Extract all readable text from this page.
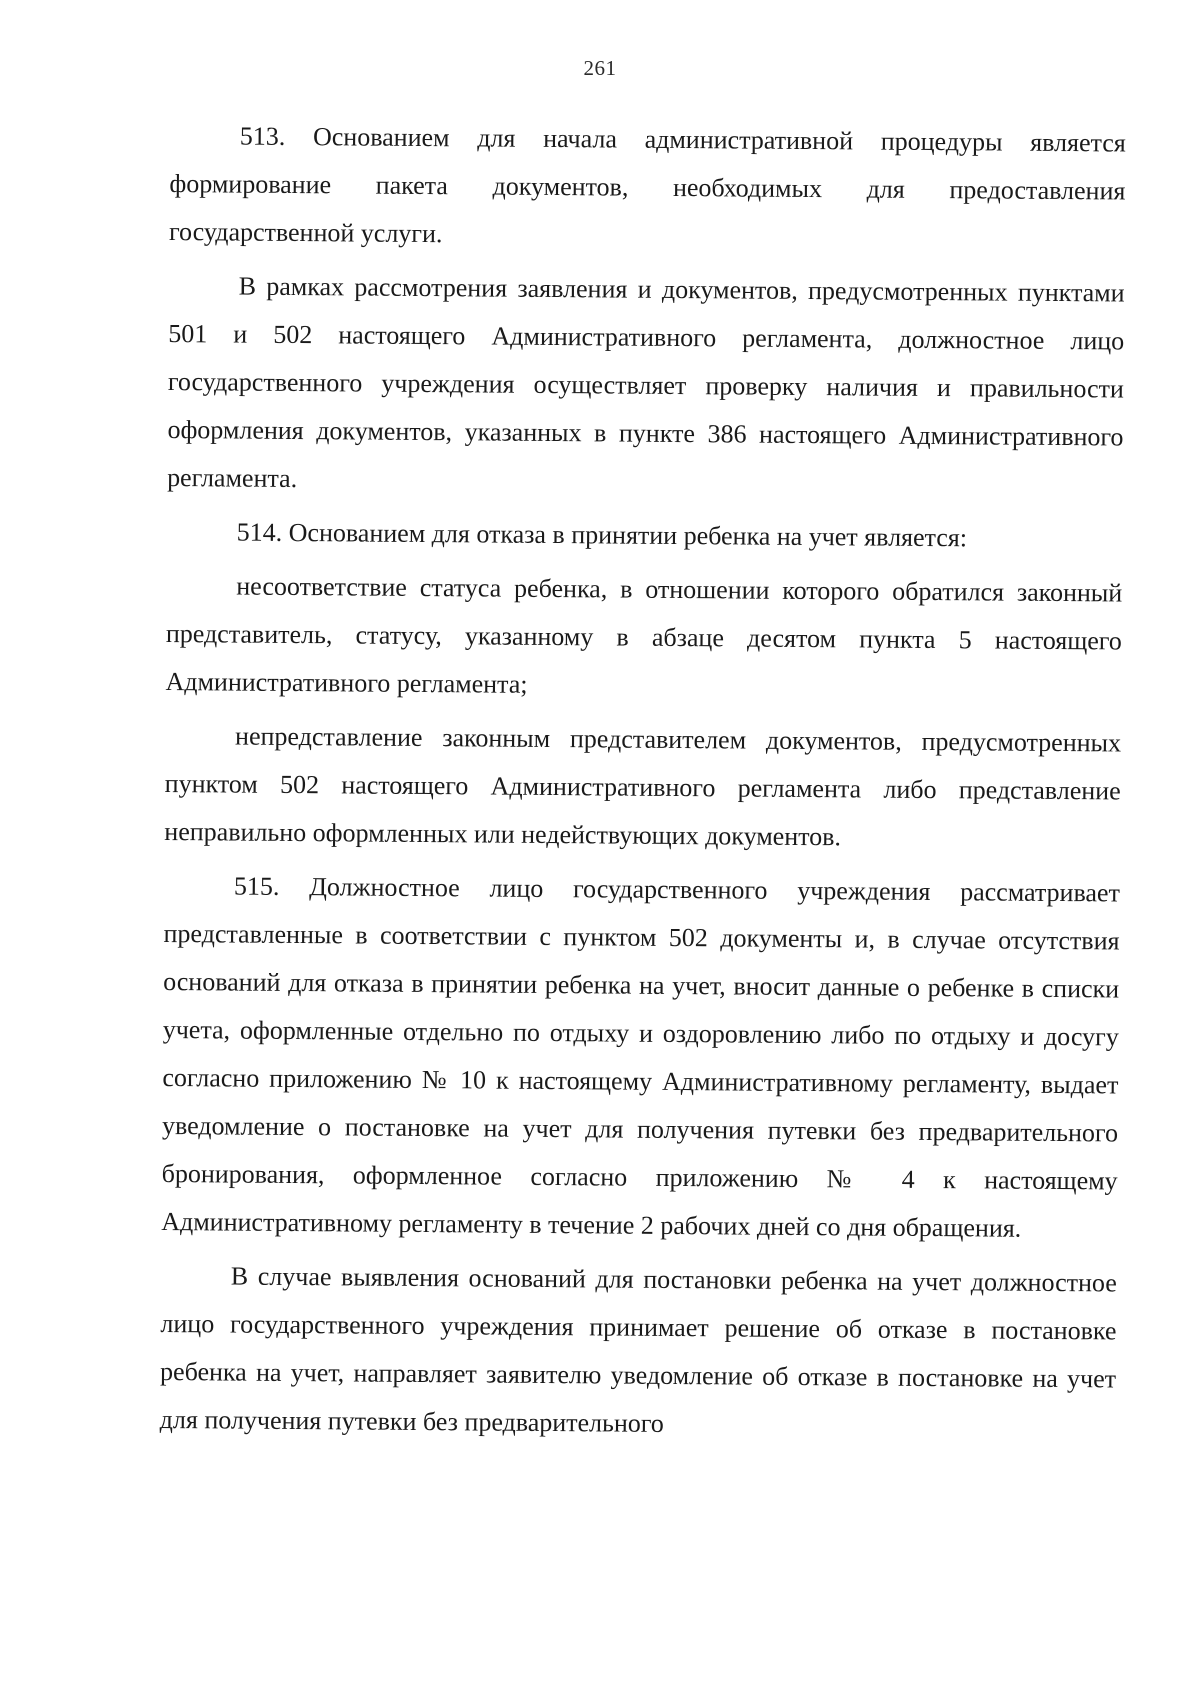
261

513. Основанием для начала административной процедуры является формирование пакета документов, необходимых для предоставления государственной услуги.

В рамках рассмотрения заявления и документов, предусмотренных пунктами 501 и 502 настоящего Административного регламента, должностное лицо государственного учреждения осуществляет проверку наличия и правильности оформления документов, указанных в пункте 386 настоящего Административного регламента.

514. Основанием для отказа в принятии ребенка на учет является:

несоответствие статуса ребенка, в отношении которого обратился законный представитель, статусу, указанному в абзаце десятом пункта 5 настоящего Административного регламента;

непредставление законным представителем документов, предусмотренных пунктом 502 настоящего Административного регламента либо представление неправильно оформленных или недействующих документов.

515. Должностное лицо государственного учреждения рассматривает представленные в соответствии с пунктом 502 документы и, в случае отсутствия оснований для отказа в принятии ребенка на учет, вносит данные о ребенке в списки учета, оформленные отдельно по отдыху и оздоровлению либо по отдыху и досугу согласно приложению № 10 к настоящему Административному регламенту, выдает уведомление о постановке на учет для получения путевки без предварительного бронирования, оформленное согласно приложению № 4 к настоящему Административному регламенту в течение 2 рабочих дней со дня обращения.

В случае выявления оснований для постановки ребенка на учет должностное лицо государственного учреждения принимает решение об отказе в постановке ребенка на учет, направляет заявителю уведомление об отказе в постановке на учет для получения путевки без предварительного
